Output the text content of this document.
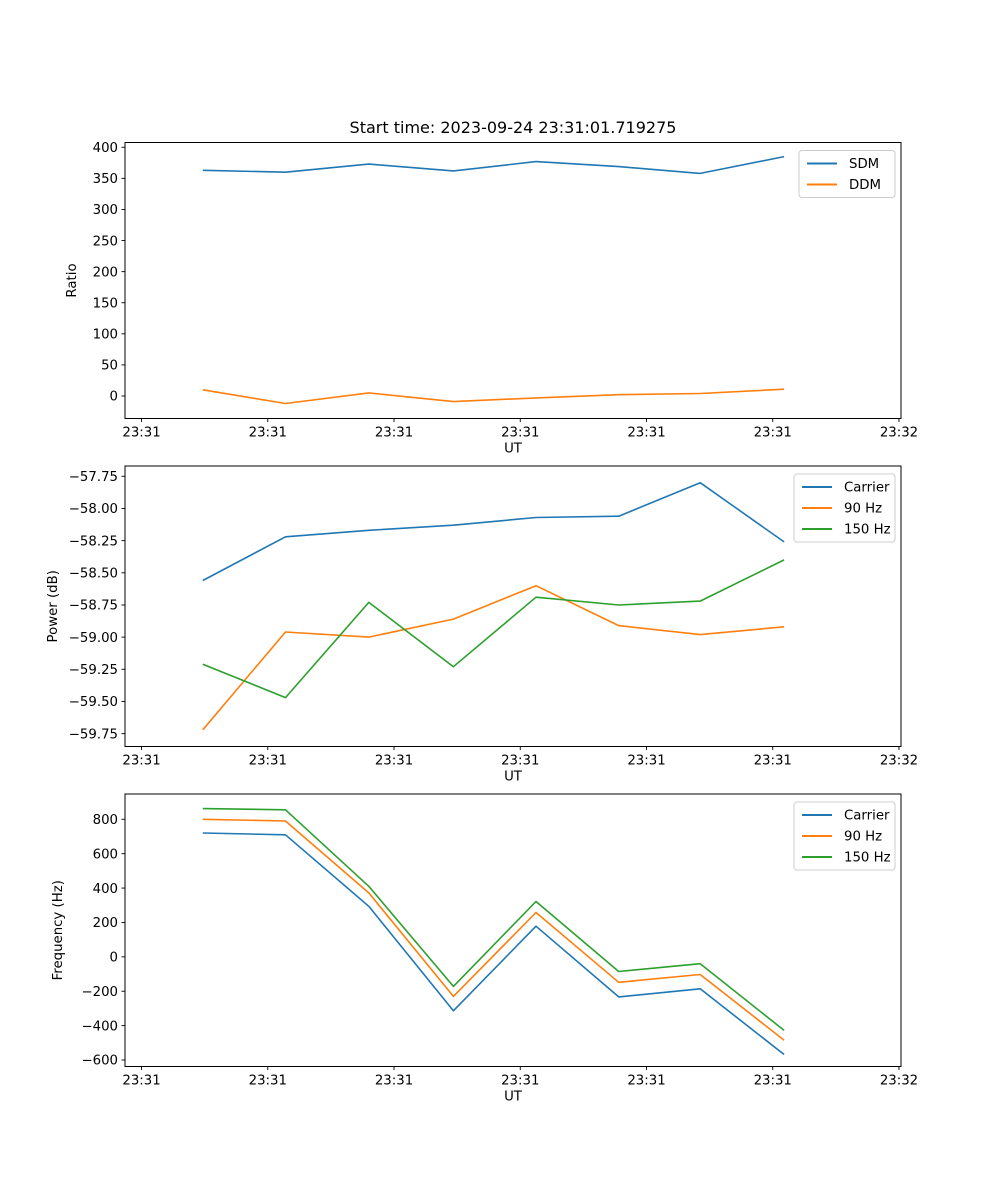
Start time: 2023-09-24 23:31:01.719275
23:31	23:31	23:31	23:31	23:31	23:31	23:32
0
50
100
150
200
250
300
350
400
UT
Ratio
SDM
DDM
23:31	23:31	23:31	23:31	23:31	23:31	23:32
−57.75
−58.00
−58.25
−58.50
−58.75
−59.00
−59.25
−59.50
−59.75
UT
Power (dB)
Carrier
90 Hz
150 Hz
23:31	23:31	23:31	23:31	23:31	23:31	23:32
800
600
400
200
0
−200
−400
−600
UT
Frequency (Hz)
Carrier
90 Hz
150 Hz
